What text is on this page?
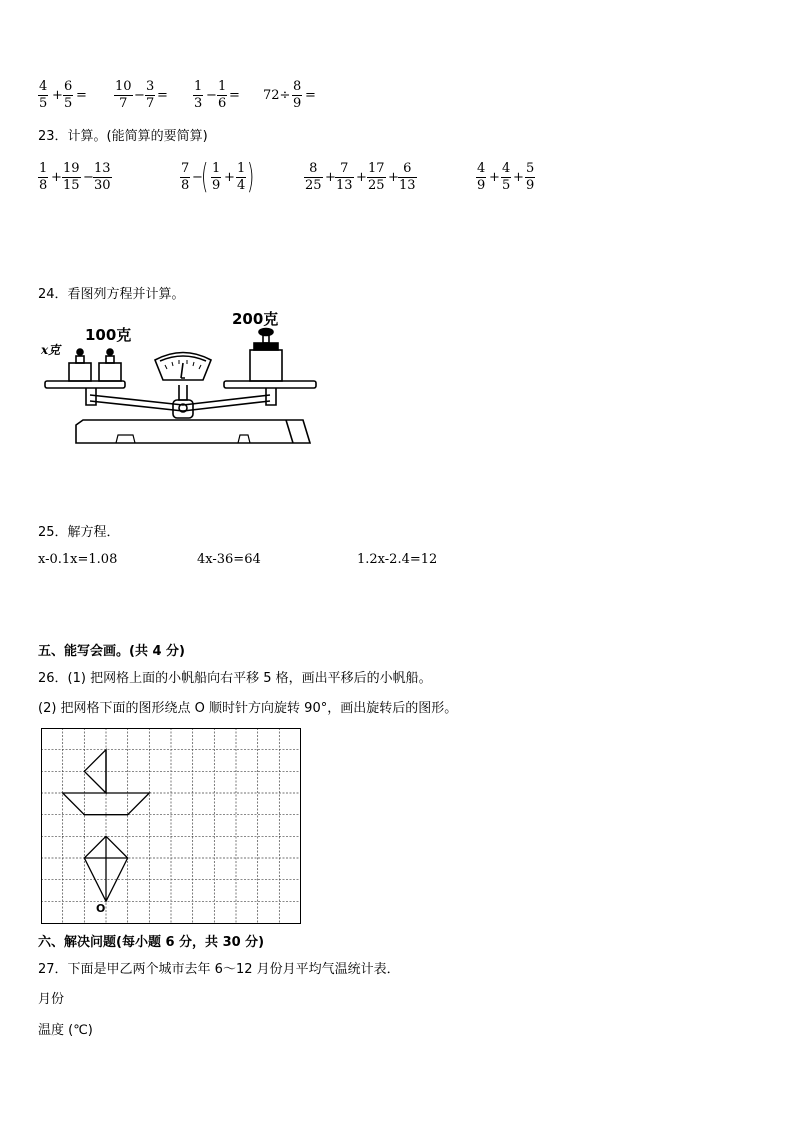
4
5
+
6
5
=
10
7
−
3
7
=
1
3
−
1
6
= 72÷
8
9
=
23．计算。(能简算的要简算)
1
8
+
19
15
−
13
30
7
8
−
( 1
9
+
1
4 )	8
25
+
7
13
+
17
25
+
6
13
4
9
+
4
5
+
5
9
24．看图列方程并计算。
x克
100克
200克
25．解方程．
x-0.1x=1.08	4x-36=64	1.2x-2.4=12
五、能写会画。(共 4 分)
26．(1) 把网格上面的小帆船向右平移 5 格，画出平移后的小帆船。
(2) 把网格下面的图形绕点 O 顺时针方向旋转 90°，画出旋转后的图形。
O
六、解决问题(每小题 6 分，共 30 分)
27．下面是甲乙两个城市去年 6～12 月份月平均气温统计表．
月份
温度 (℃)
